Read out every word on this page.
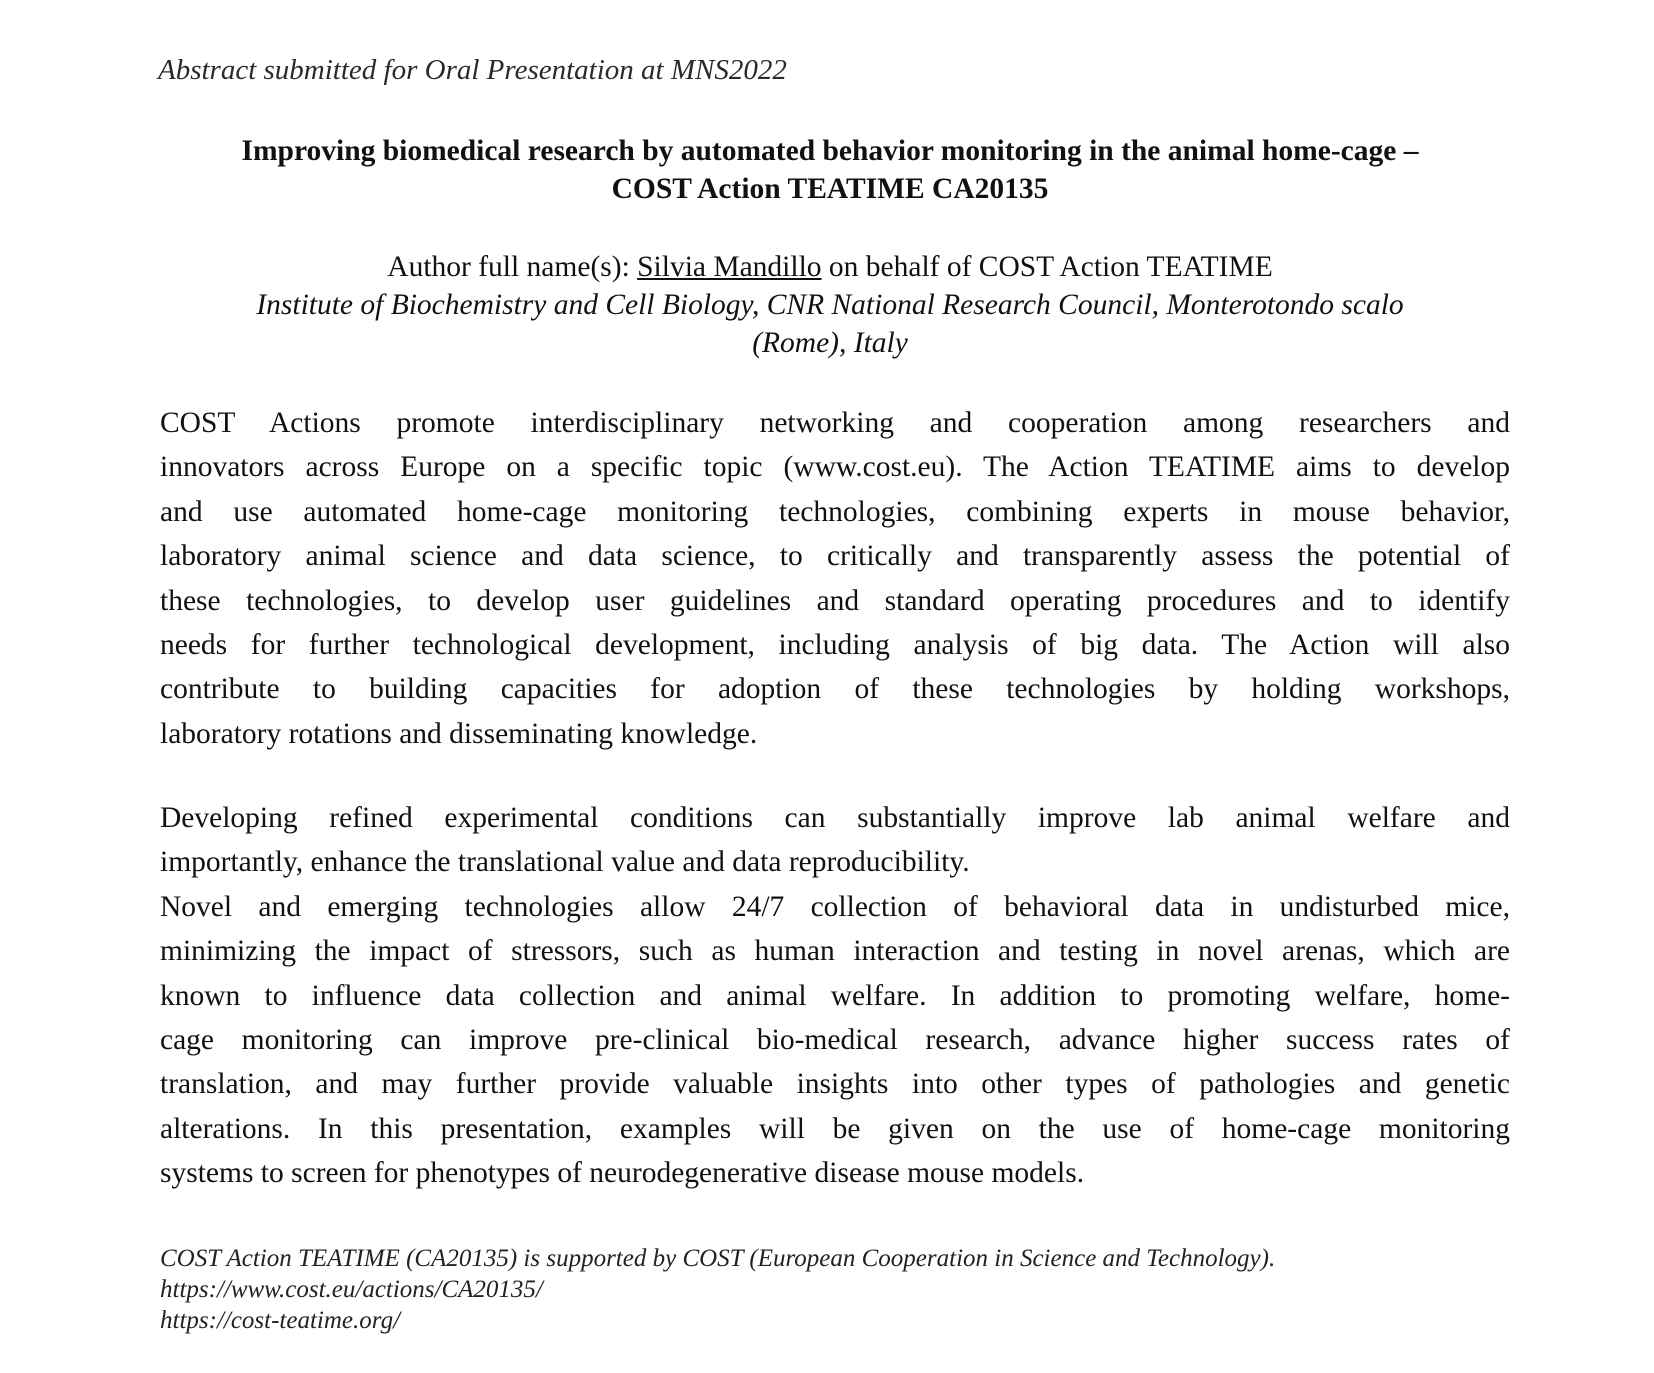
Abstract submitted for Oral Presentation at MNS2022
Improving biomedical research by automated behavior monitoring in the animal home-cage –
COST Action TEATIME CA20135
Author full name(s): Silvia Mandillo on behalf of COST Action TEATIME
Institute of Biochemistry and Cell Biology, CNR National Research Council, Monterotondo scalo
(Rome), Italy
COST Actions promote interdisciplinary networking and cooperation among researchers and
innovators across Europe on a specific topic (www.cost.eu). The Action TEATIME aims to develop
and use automated home-cage monitoring technologies, combining experts in mouse behavior,
laboratory animal science and data science, to critically and transparently assess the potential of
these technologies, to develop user guidelines and standard operating procedures and to identify
needs for further technological development, including analysis of big data. The Action will also
contribute to building capacities for adoption of these technologies by holding workshops,
laboratory rotations and disseminating knowledge.
Developing refined experimental conditions can substantially improve lab animal welfare and
importantly, enhance the translational value and data reproducibility.
Novel and emerging technologies allow 24/7 collection of behavioral data in undisturbed mice,
minimizing the impact of stressors, such as human interaction and testing in novel arenas, which are
known to influence data collection and animal welfare. In addition to promoting welfare, home-
cage monitoring can improve pre-clinical bio-medical research, advance higher success rates of
translation, and may further provide valuable insights into other types of pathologies and genetic
alterations. In this presentation, examples will be given on the use of home-cage monitoring
systems to screen for phenotypes of neurodegenerative disease mouse models.
COST Action TEATIME (CA20135) is supported by COST (European Cooperation in Science and Technology).
https://www.cost.eu/actions/CA20135/
https://cost-teatime.org/
